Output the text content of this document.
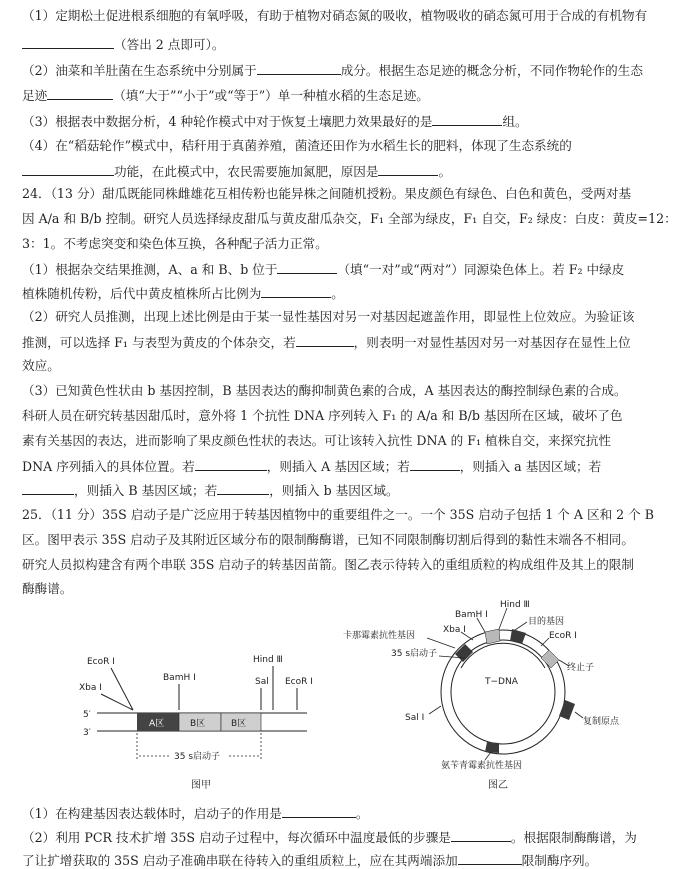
（1）定期松土促进根系细胞的有氧呼吸，有助于植物对硝态氮的吸收，植物吸收的硝态氮可用于合成的有机物有
（答出 2 点即可）。
（2）油菜和羊肚菌在生态系统中分别属于	成分。根据生态足迹的概念分析，不同作物轮作的生态
足迹	（填“大于”“小于”或“等于”）单一种植水稻的生态足迹。
（3）根据表中数据分析，4 种轮作模式中对于恢复土壤肥力效果最好的是	组。
（4）在“稻菇轮作”模式中，秸秆用于真菌养殖，菌渣还田作为水稻生长的肥料，体现了生态系统的
功能，在此模式中，农民需要施加氮肥，原因是	。
24．（13 分）甜瓜既能同株雌雄花互相传粉也能异株之间随机授粉。果皮颜色有绿色、白色和黄色，受两对基
因 A/a 和 B/b 控制。研究人员选择绿皮甜瓜与黄皮甜瓜杂交，F₁ 全部为绿皮，F₁ 自交，F₂ 绿皮：白皮：黄皮=12：
3：1。不考虑突变和染色体互换，各种配子活力正常。
（1）根据杂交结果推测，A、a 和 B、b 位于	（填“一对”或“两对”）同源染色体上。若 F₂ 中绿皮
植株随机传粉，后代中黄皮植株所占比例为	。
（2）研究人员推测，出现上述比例是由于某一显性基因对另一对基因起遮盖作用，即显性上位效应。为验证该
推测，可以选择 F₁ 与表型为黄皮的个体杂交，若	，则表明一对显性基因对另一对基因存在显性上位
效应。
（3）已知黄色性状由 b 基因控制，B 基因表达的酶抑制黄色素的合成，A 基因表达的酶控制绿色素的合成。
科研人员在研究转基因甜瓜时，意外将 1 个抗性 DNA 序列转入 F₁ 的 A/a 和 B/b 基因所在区域，破坏了色
素有关基因的表达，进而影响了果皮颜色性状的表达。可让该转入抗性 DNA 的 F₁ 植株自交，来探究抗性
DNA 序列插入的具体位置。若	，则插入 A 基因区域；若	，则插入 a 基因区域；若
，则插入 B 基因区域；若	，则插入 b 基因区域。
25．（11 分）35S 启动子是广泛应用于转基因植物中的重要组件之一。一个 35S 启动子包括 1 个 A 区和 2 个 B
区。图甲表示 35S 启动子及其附近区域分布的限制酶酶谱，已知不同限制酶切割后得到的黏性末端各不相同。
研究人员拟构建含有两个串联 35S 启动子的转基因苗箭。图乙表示待转入的重组质粒的构成组件及其上的限制
酶酶谱。
EcoR Ⅰ
Xba Ⅰ
BamH Ⅰ	Sal Ⅰ
Hind Ⅲ
EcoR Ⅰ
5′
3′
A区	B区	B区
35 s启动子
图甲
T−DNA
Hind Ⅲ
BamH Ⅰ
Xba Ⅰ
目的基因
卡那霉素抗性基因	EcoR Ⅰ
35 s启动子
终止子
Sal Ⅰ	复制原点
氨苄青霉素抗性基因
图乙
（1）在构建基因表达载体时，启动子的作用是	。
（2）利用 PCR 技术扩增 35S 启动子过程中，每次循环中温度最低的步骤是	。根据限制酶酶谱，为
了让扩增获取的 35S 启动子准确串联在待转入的重组质粒上，应在其两端添加	限制酶序列。
